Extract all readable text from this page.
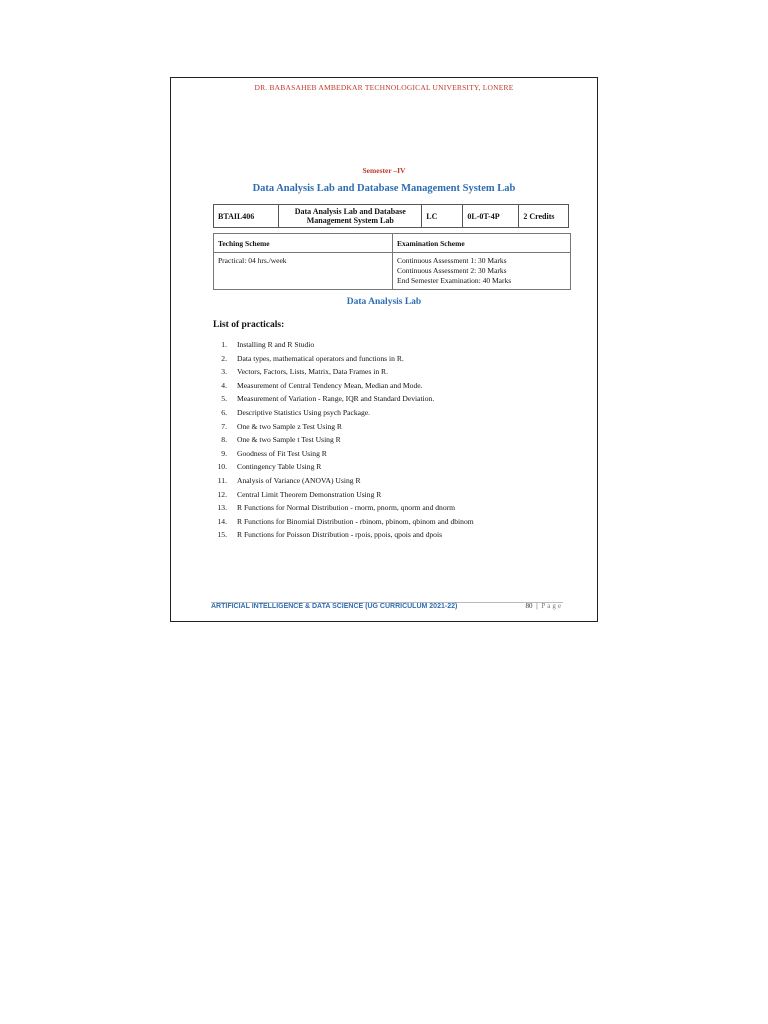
DR. BABASAHEB AMBEDKAR TECHNOLOGICAL UNIVERSITY, LONERE
Semester –IV
Data Analysis Lab and Database Management System Lab
BTAIL406	Data Analysis Lab and Database Management System Lab	LC	0L-0T-4P	2 Credits
Teching Scheme	Examination Scheme
Practical: 04 hrs./week	Continuous Assessment 1: 30 Marks
Continuous Assessment 2: 30 Marks
End Semester Examination: 40 Marks
Data Analysis Lab
List of practicals:
1. Installing R and R Studio
2. Data types, mathematical operators and functions in R.
3. Vectors, Factors, Lists, Matrix, Data Frames in R.
4. Measurement of Central Tendency Mean, Median and Mode.
5. Measurement of Variation - Range, IQR and Standard Deviation.
6. Descriptive Statistics Using psych Package.
7. One & two Sample z Test Using R
8. One & two Sample t Test Using R
9. Goodness of Fit Test Using R
10. Contingency Table Using R
11. Analysis of Variance (ANOVA) Using R
12. Central Limit Theorem Demonstration Using R
13. R Functions for Normal Distribution - rnorm, pnorm, qnorm and dnorm
14. R Functions for Binomial Distribution - rbinom, pbinom, qbinom and dbinom
15. R Functions for Poisson Distribution - rpois, ppois, qpois and dpois
ARTIFICIAL INTELLIGENCE & DATA SCIENCE (UG CURRICULUM 2021-22)	80 | Page
